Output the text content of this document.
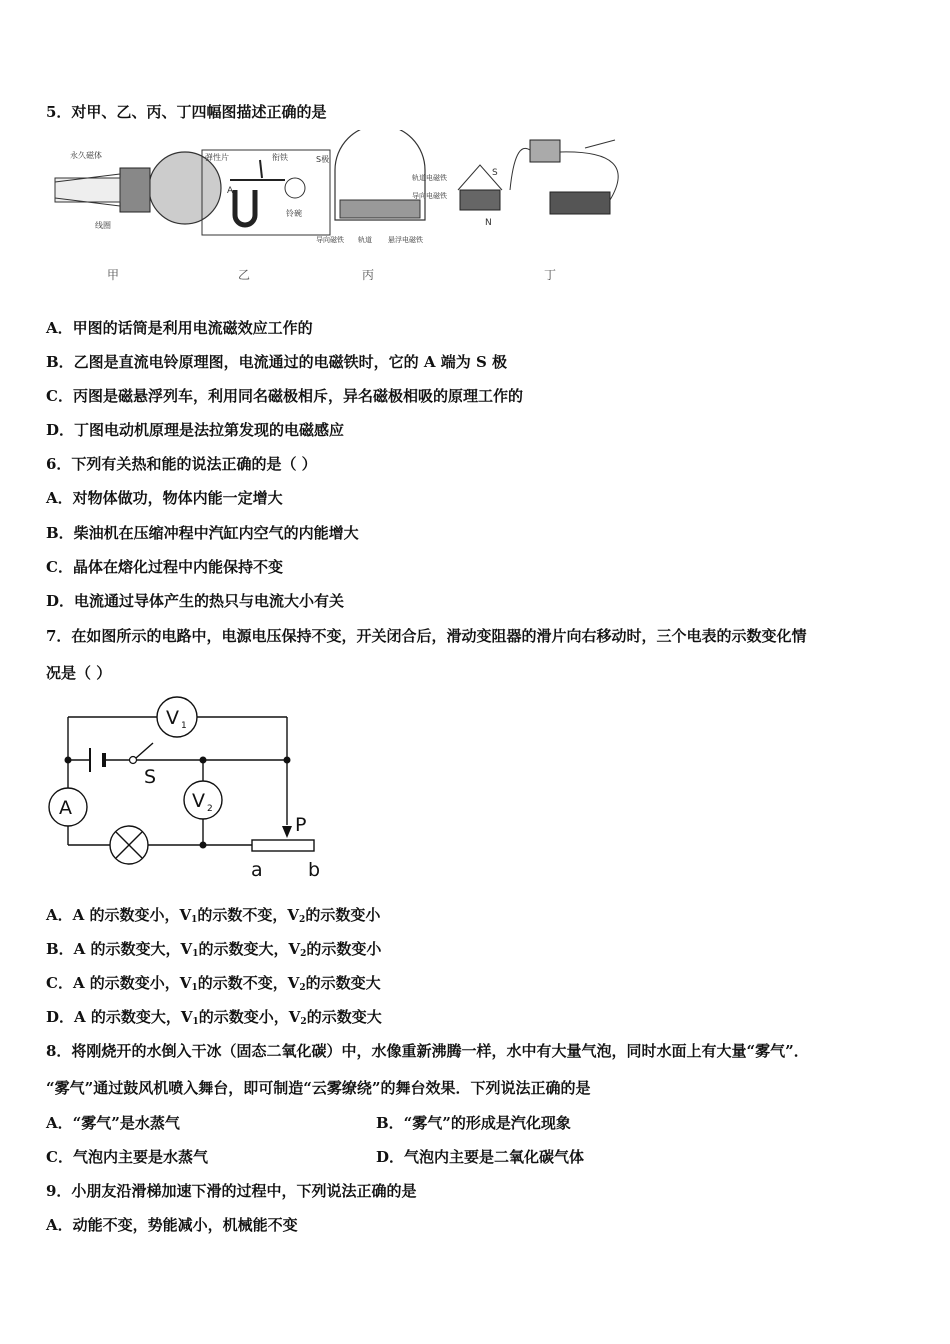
5．对甲、乙、丙、丁四幅图描述正确的是
永久磁体
线圈
弹性片	衔铁
铃碗
A
S极
轨道电磁铁
导向电磁铁
导向磁铁 轨道 悬浮电磁铁
S
N
甲	乙	丙	丁
A．甲图的话筒是利用电流磁效应工作的
B．乙图是直流电铃原理图，电流通过的电磁铁时，它的 A 端为 S 极
C．丙图是磁悬浮列车，利用同名磁极相斥，异名磁极相吸的原理工作的
D．丁图电动机原理是法拉第发现的电磁感应
6．下列有关热和能的说法正确的是（ ）
A．对物体做功，物体内能一定增大
B．柴油机在压缩冲程中汽缸内空气的内能增大
C．晶体在熔化过程中内能保持不变
D．电流通过导体产生的热只与电流大小有关
7．在如图所示的电路中，电源电压保持不变，开关闭合后，滑动变阻器的滑片向右移动时，三个电表的示数变化情
况是（ ）
V 1
V 2
A
P
S
a b
A．A 的示数变小，$V_1$的示数不变，$V_2$的示数变小
B．A 的示数变大，$V_1$的示数变大，$V_2$的示数变小
C．A 的示数变小，$V_1$的示数不变，$V_2$的示数变大
D．A 的示数变大，$V_1$的示数变小，$V_2$的示数变大
8．将刚烧开的水倒入干冰（固态二氧化碳）中，水像重新沸腾一样，水中有大量气泡，同时水面上有大量“雾气”．
“雾气”通过鼓风机喷入舞台，即可制造“云雾缭绕”的舞台效果．下列说法正确的是
A．“雾气”是水蒸气	B．“雾气”的形成是汽化现象
C．气泡内主要是水蒸气	D．气泡内主要是二氧化碳气体
9．小朋友沿滑梯加速下滑的过程中，下列说法正确的是
A．动能不变，势能减小，机械能不变
